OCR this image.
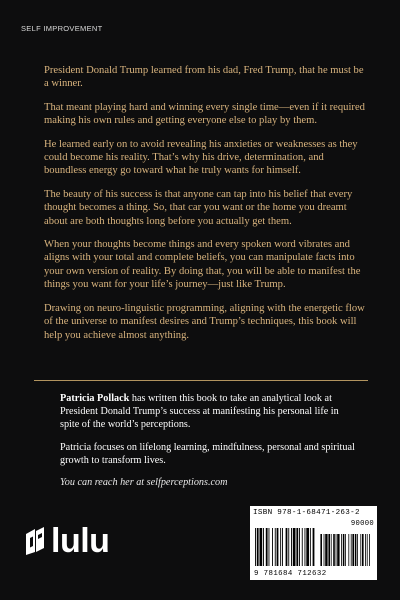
SELF IMPROVEMENT

President Donald Trump learned from his dad, Fred Trump, that he must be a winner.

That meant playing hard and winning every single time—even if it required making his own rules and getting everyone else to play by them.

He learned early on to avoid revealing his anxieties or weaknesses as they could become his reality. That’s why his drive, determination, and boundless energy go toward what he truly wants for himself.

The beauty of his success is that anyone can tap into his belief that every thought becomes a thing. So, that car you want or the home you dreamt about are both thoughts long before you actually get them.

When your thoughts become things and every spoken word vibrates and aligns with your total and complete beliefs, you can manipulate facts into your own version of reality. By doing that, you will be able to manifest the things you want for your life’s journey—just like Trump.

Drawing on neuro-linguistic programming, aligning with the energetic flow of the universe to manifest desires and Trump’s techniques, this book will help you achieve almost anything.

Patricia Pollack has written this book to take an analytical look at President Donald Trump’s success at manifesting his personal life in spite of the world’s perceptions.

Patricia focuses on lifelong learning, mindfulness, personal and spiritual growth to transform lives.

You can reach her at selfperceptions.com

lulu
ISBN 978-1-68471-263-2
90000
9 781684 712632
